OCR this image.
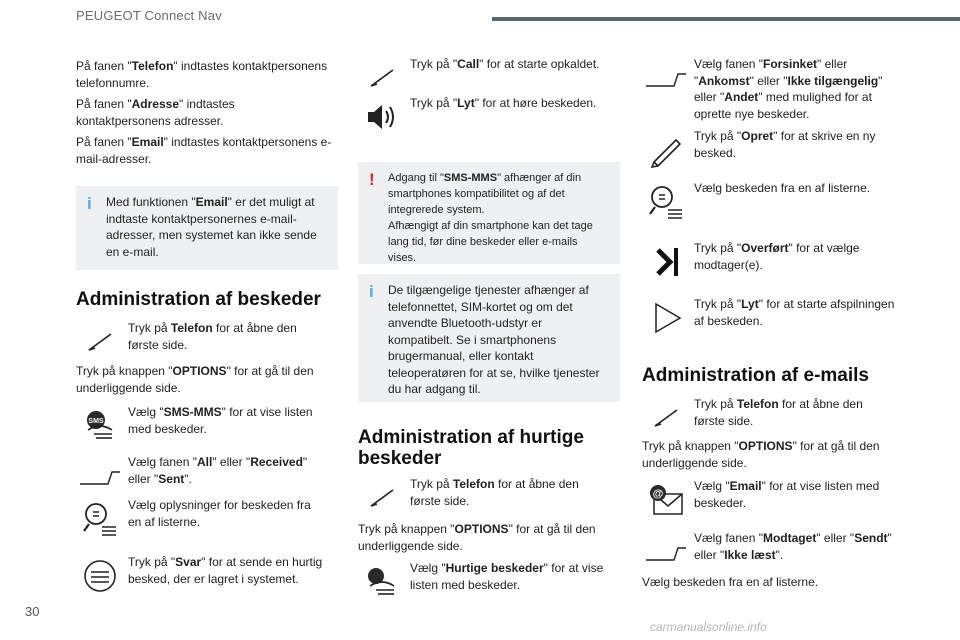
PEUGEOT Connect Nav
På fanen "Telefon" indtastes kontaktpersonens telefonnumre.
På fanen "Adresse" indtastes kontaktpersonens adresser.
På fanen "Email" indtastes kontaktpersonens e-mail-adresser.
i Med funktionen "Email" er det muligt at indtaste kontaktpersonernes e-mail-adresser, men systemet kan ikke sende en e-mail.
Administration af beskeder
Tryk på Telefon for at åbne den første side.
Tryk på knappen "OPTIONS" for at gå til den underliggende side.
SMS
Vælg "SMS-MMS" for at vise listen med beskeder.
Vælg fanen "All" eller "Received" eller "Sent".
Vælg oplysninger for beskeden fra en af listerne.
Tryk på "Svar" for at sende en hurtig besked, der er lagret i systemet.
Tryk på "Call" for at starte opkaldet.
Tryk på "Lyt" for at høre beskeden.
! Adgang til "SMS-MMS" afhænger af din smartphones kompatibilitet og af det integrerede system.
Afhængigt af din smartphone kan det tage lang tid, før dine beskeder eller e-mails vises.
i De tilgængelige tjenester afhænger af telefonnettet, SIM-kortet og om det anvendte Bluetooth-udstyr er kompatibelt. Se i smartphonens brugermanual, eller kontakt teleoperatøren for at se, hvilke tjenester du har adgang til.
Administration af hurtige beskeder
Tryk på Telefon for at åbne den første side.
Tryk på knappen "OPTIONS" for at gå til den underliggende side.
Vælg "Hurtige beskeder" for at vise listen med beskeder.
Vælg fanen "Forsinket" eller "Ankomst" eller "Ikke tilgængelig" eller "Andet" med mulighed for at oprette nye beskeder.
Tryk på "Opret" for at skrive en ny besked.
Vælg beskeden fra en af listerne.
Tryk på "Overført" for at vælge modtager(e).
Tryk på "Lyt" for at starte afspilningen af beskeden.
Administration af e-mails
Tryk på Telefon for at åbne den første side.
Tryk på knappen "OPTIONS" for at gå til den underliggende side.
@
Vælg "Email" for at vise listen med beskeder.
Vælg fanen "Modtaget" eller "Sendt" eller "Ikke læst".
Vælg beskeden fra en af listerne.
30
carmanualsonline.info
